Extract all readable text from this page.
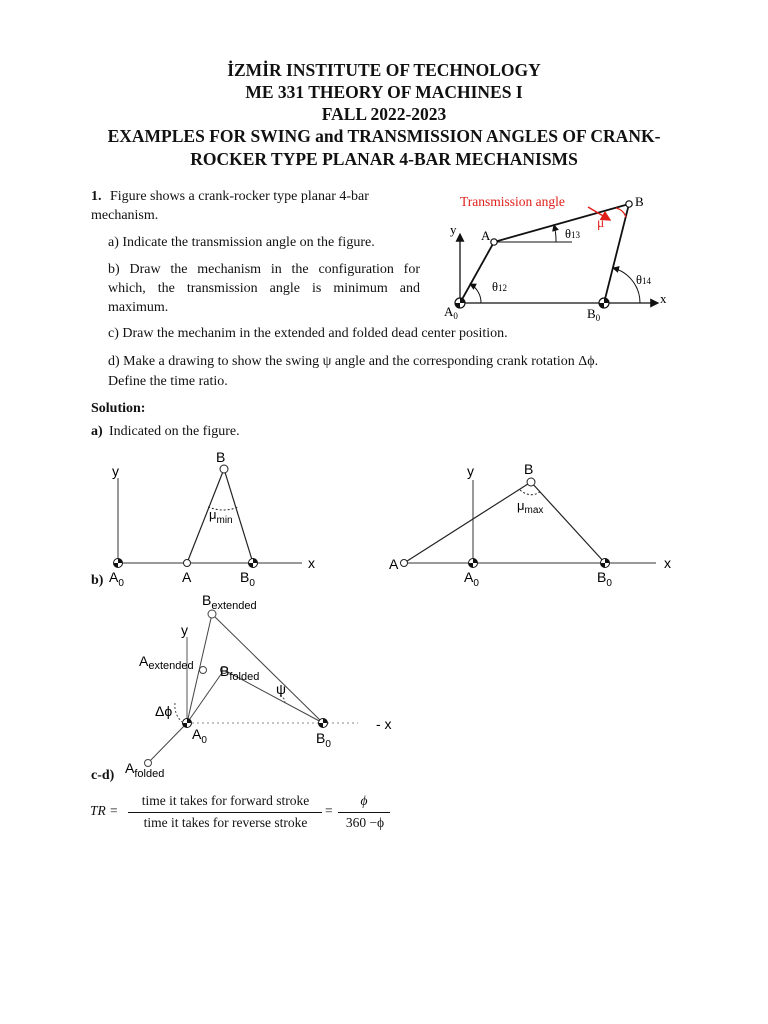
İZMİR INSTITUTE OF TECHNOLOGY
ME 331 THEORY OF MACHINES I
FALL 2022-2023
EXAMPLES FOR SWING and TRANSMISSION ANGLES OF CRANK-
ROCKER TYPE PLANAR 4-BAR MECHANISMS
1. Figure shows a crank-rocker type planar 4-bar
mechanism.
a) Indicate the transmission angle on the figure.
b) Draw the mechanism in the configuration for
which, the transmission angle is minimum and
maximum.
c) Draw the mechanim in the extended and folded dead center position.
d) Make a drawing to show the swing ψ angle and the corresponding crank rotation Δϕ.
Define the time ratio.
Solution:
a) Indicated on the figure.
b)
c-d)
Transmission angle
μ
B
A
y
x
$A_0$	$B_0$
θ13
θ12
θ14
B
y
x
A
$A_0$	$B_0$
$\mu_{min}$
B
y
x
A
$A_0$	$B_0$
$\mu_{max}$
$B_{extended}$
y
$A_{extended}$ $B_{folded}$
ψ
Δϕ
$A_0$	$B_0$
- x
$A_{folded}$
TR =
time it takes for forward stroke
time it takes for reverse stroke
=
ϕ
360 −ϕ
